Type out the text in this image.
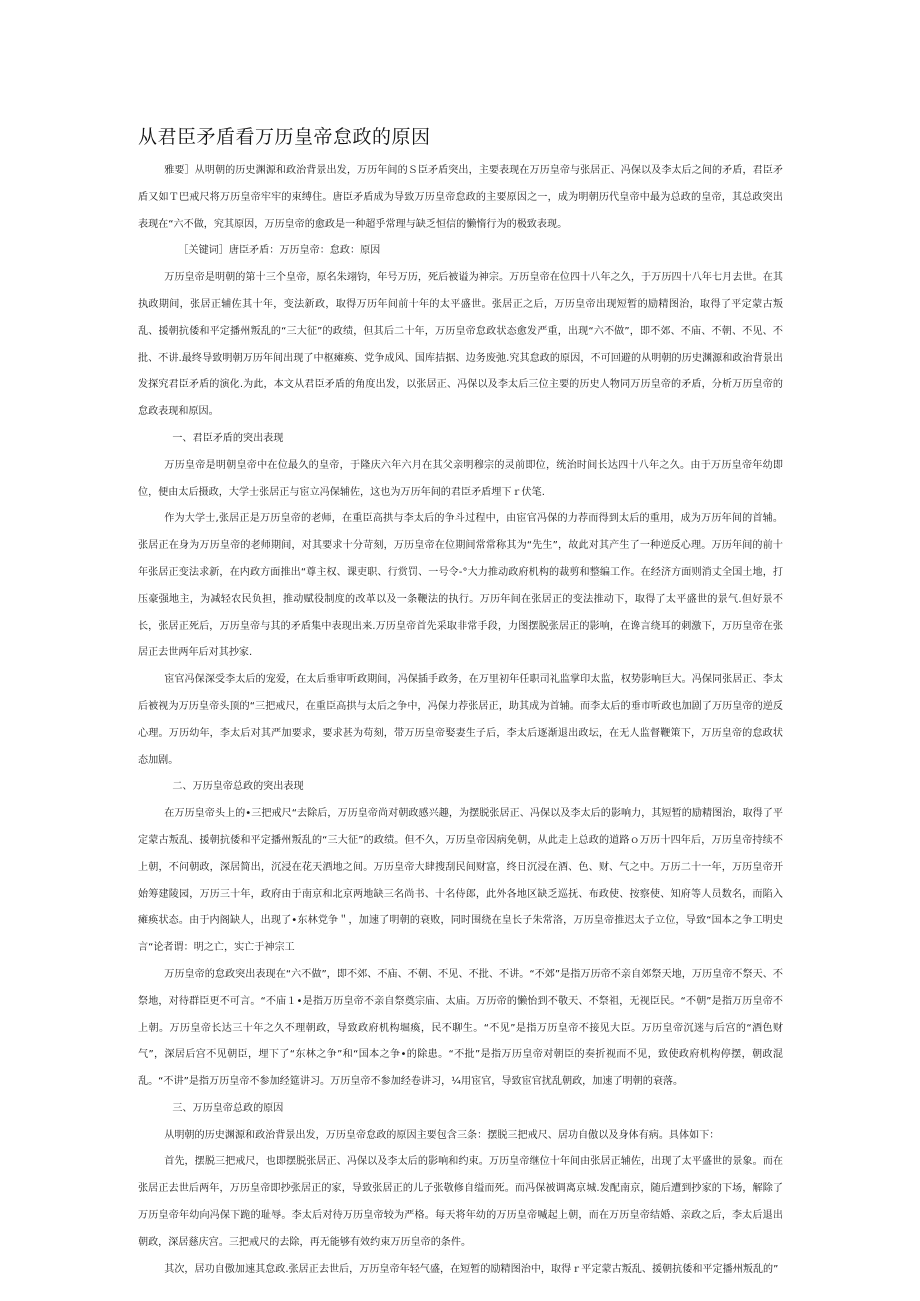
从君臣矛盾看万历皇帝怠政的原因

雅要］从明朝的历史渊源和政治背景出发，万历年间的Ｓ臣矛盾突出，主要表现在万历皇帝与张居正、冯保以及李太后之间的矛盾，君臣矛盾又如Ｔ巴戒尺将万历皇帝牢牢的束缚住。唐臣矛盾成为导致万历皇帝怠政的主要原因之一，成为明朝历代皇帝中最为总政的皇帝，其总政突出表现在“六不做，究其原因，万历皇帝的愈政是一种超乎常理与缺乏恒信的懒惰行为的极致表现。

［关键词］唐臣矛盾：万历皇帝：怠政：原因

万历皇帝是明朝的第十三个皇帝，原名朱翊钧，年号万历，死后被谥为神宗。万历皇帝在位四十八年之久，于万历四十八年七月去世。在其执政期间，张居正辅佐其十年，变法新政，取得万历年间前十年的太平盛世。张居正之后，万历皇帝出现短暂的励精图治，取得了平定蒙古叛乱、援朝抗倭和平定播州叛乱的“三大征”的政绩，但其后二十年，万历皇帝怠政状态愈发严重，出现“六不做”，即不郊、不庙、不朝、不见、不批、不讲.最终导致明朝万历年间出现了中枢瘫痪、党争成风、国库拮据、边务废弛.究其怠政的原因，不可回避的从明朝的历史渊源和政治背景出发探究君臣矛盾的演化.为此，本文从君臣矛盾的角度出发，以张居正、冯保以及李太后三位主要的历史人物同万历皇帝的矛盾，分析万历皇帝的怠政表现和原因。

一、君臣矛盾的突出表现

万历皇帝是明朝皇帝中在位最久的皇帝，于隆庆六年六月在其父亲明穆宗的灵前即位，统治时间长达四十八年之久。由于万历皇帝年幼即位，便由太后摄政，大学士张居正与宦立冯保辅佐，这也为万历年间的君臣矛盾埋下ｒ伏笔.

作为大学士,张居正是万历皇帝的老师，在重臣高拱与李太后的争斗过程中，由宦官冯保的力荐而得到太后的重用，成为万历年间的首辅。张居正在身为万历皇帝的老师期间，对其要求十分苛刻，万历皇帝在位期间常常称其为“先生”，故此对其产生了一种逆反心理。万历年间的前十年张居正变法求新，在内政方面推出“尊主权、课吏职、行赏罚、一号令-°大力推动政府机构的裁剪和整编工作。在经济方面则消丈全国土地，打压豪强地主，为减轻农民负担，推动赋役制度的改革以及一条鞭法的执行。万历年间在张居正的变法推动下，取得了太平盛世的景气.但好景不长，张居正死后，万历皇帝与其的矛盾集中表现出来.万历皇帝首先采取非常手段，力图摆脱张居正的影响，在谗言绕耳的刺激下，万历皇帝在张居正去世两年后对其抄家.

宦官冯保深受李太后的宠爱，在太后垂审听政期间，冯保插手政务，在万里初年任职司礼监掌印太监，权势影响巨大。冯保同张居正、李太后被视为万历皇帝头顶的“三把戒尺，在重臣高拱与太后之争中，冯保力荐张居正，助其成为首辅。而李太后的垂市听政也加剧了万历皇帝的逆反心理。万历幼年，李太后对其严加要求，要求甚为苟刻，带万历皇帝娶妻生子后，李太后逐渐退出政坛，在无人监督鞭策下，万历皇帝的怠政状态加剧。

二、万历皇帝总政的突出表现

在万历皇帝头上的•三把戒尺“去除后，万历皇帝尚对朝政感兴趣，为摆脱张居正、冯保以及李太后的影响力，其短暂的励精图治，取得了平定蒙古叛乱、援朝抗倭和平定播州叛乱的“三大征”的政绩。但不久，万历皇帝因病免朝，从此走上总政的道路ｏ万历十四年后，万历皇帝持续不上朝，不问朝政，深居简出，沉浸在花天酒地之间。万历皇帝大肆搜刮民间财富，终日沉浸在酒、色、财、气之中。万历二十一年，万历皇帝开始筹建陵园，万历三十年，政府由于南京和北京两地缺三名尚书、十名侍郎，此外各地区缺乏巡抚、布政使、按察使、知府等人员数名，而陷入瘫痪状态。由于内阁缺人，出现了•东林党争＂，加速了明朝的衰败，同时围绕在皇长子朱常洛，万历皇帝推迟太子立位，导致“国本之争工明史言“论者谓：明之亡，实亡于神宗工

万历皇帝的怠政突出表现在“六不做”，即不郊、不庙、不朝、不见、不批、不讲。“不郊”是指万历帝不亲自郊祭天地，万历皇帝不祭天、不祭地，对待群臣更不可言。“不庙１•是指万历皇帝不亲自祭奠宗庙、太庙。万历帝的懒怡到不敬天、不祭祖，无视臣民。“不朝”是指万历皇帝不上朝。万历皇帝长达三十年之久不理朝政，导致政府机构堀瘓，民不聊生。“不见”是指万历皇帝不接见大臣。万历皇帝沉迷与后宫的“酒色财气”，深居后宫不见朝臣，埋下了“东林之争”和“国本之争•的除患。“不批”是指万历皇帝对朝臣的奏折视而不见，致使政府机构停摆，朝政混乱。“不讲”是指万历皇帝不参加经筵讲习。万历皇帝不参加经卷讲习，¼用宦官，导致宦官扰乱朝政，加速了明朝的衰落。

三、万历皇帝总政的原因

从明朝的历史渊源和政治背景出发，万历皇帝怠政的原因主要包含三条：摆脱三把戒尺、居功自傲以及身体有病。具体如下：

首先，摆脱三把戒尺，也即摆脱张居正、冯保以及李太后的影响和约束。万历皇帝继位十年间由张居正辅佐，出现了太平盛世的景象。而在张居正去世后两年，万历皇帝即抄张居正的家，导致张居正的儿子张敬修自缢而死。而冯保被调离京城.发配南京，随后遭到抄家的下场，解除了万历皇帝年幼向冯保下跪的耻辱。李太后对待万历皇帝较为严格。每天将年幼的万历皇帝喊起上朝，而在万历皇帝结婚、亲政之后，李太后退出朝政，深居慈庆宫。三把戒尺的去除，再无能够有效约束万历皇帝的条件。

其次，居功自傲加速其怠政.张居正去世后，万历皇帝年轻气盛，在短暂的励精图治中，取得ｒ平定蒙古叛乱、援朝抗倭和平定播州叛乱的”
